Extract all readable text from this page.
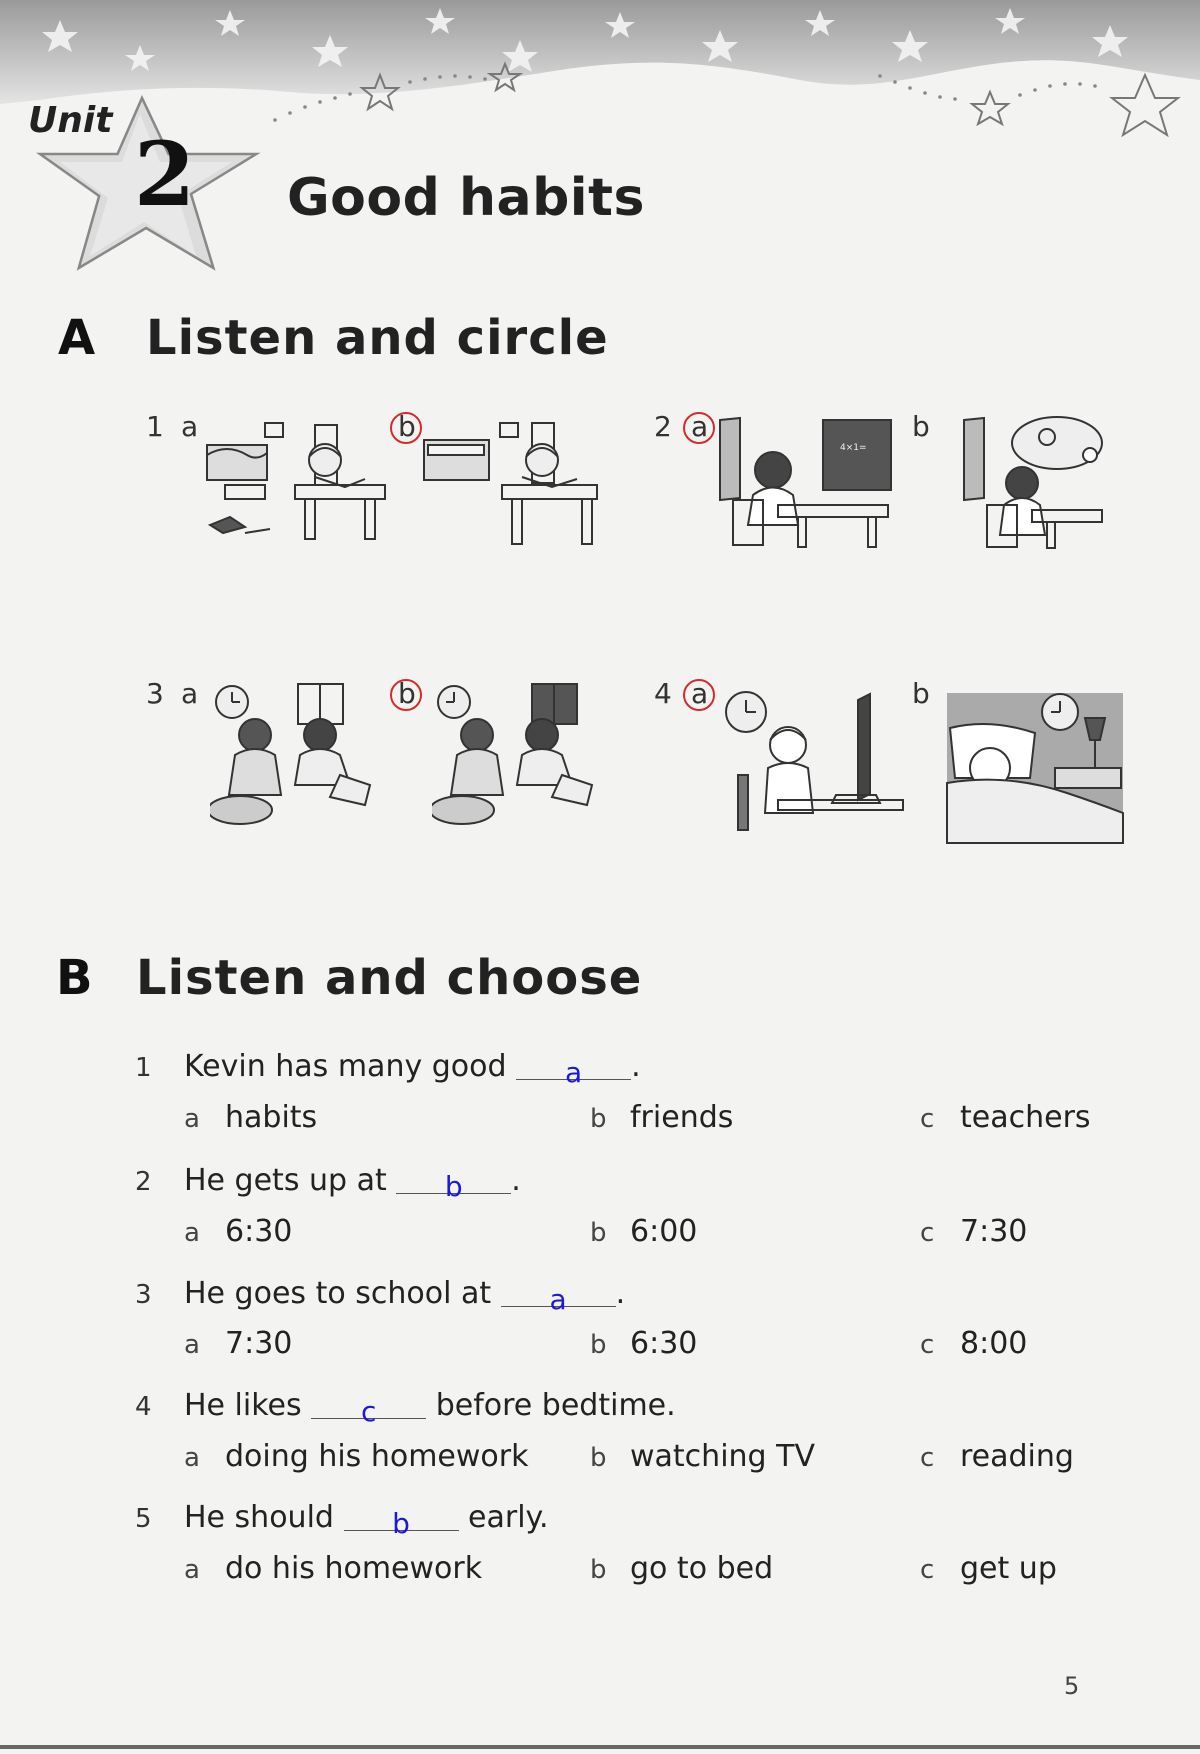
Unit
2 Good habits
A Listen and circle
1 a	b	2 a
4×1=
b
3 a	b	4 a	b
B Listen and choose
1 Kevin has many good a .
a habits	b friends	c teachers
2 He gets up at b .
a 6:30	b 6:00	c 7:30
3 He goes to school at a .
a 7:30	b 6:30	c 8:00
4 He likes c before bedtime.
a doing his homework b watching TV	c reading
5 He should b early.
a do his homework	b go to bed	c get up
5
